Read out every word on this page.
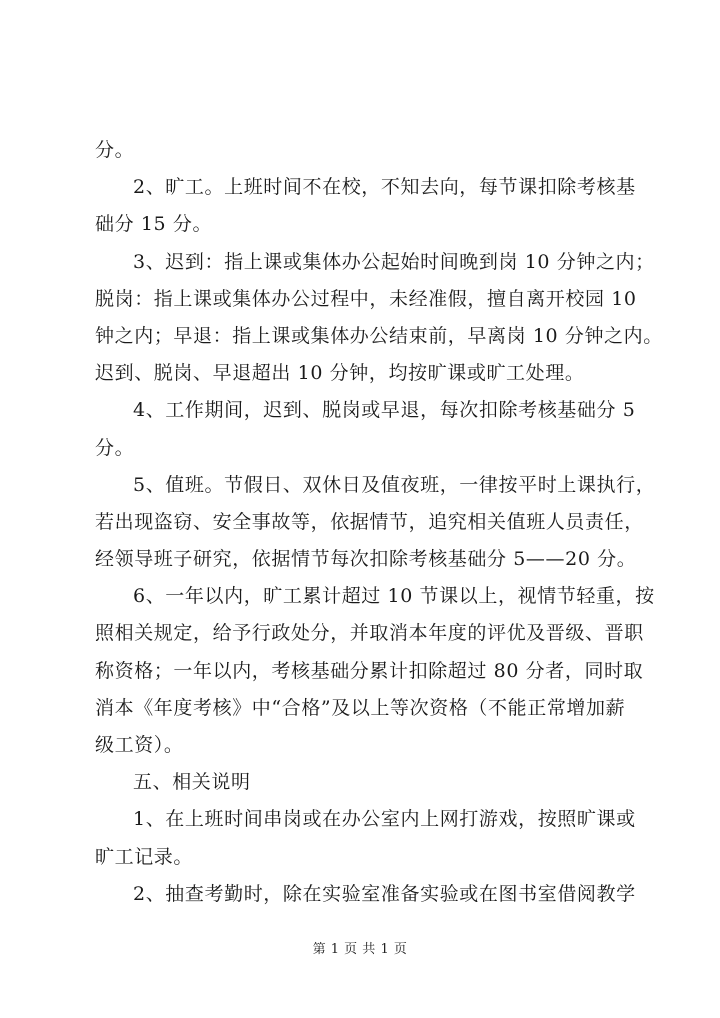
分。
2、旷工。上班时间不在校，不知去向，每节课扣除考核基
础分 15 分。
3、迟到：指上课或集体办公起始时间晚到岗 10 分钟之内；
脱岗：指上课或集体办公过程中，未经准假，擅自离开校园 10
钟之内；早退：指上课或集体办公结束前，早离岗 10 分钟之内。
迟到、脱岗、早退超出 10 分钟，均按旷课或旷工处理。
4、工作期间，迟到、脱岗或早退，每次扣除考核基础分 5
分。
5、值班。节假日、双休日及值夜班，一律按平时上课执行，
若出现盗窃、安全事故等，依据情节，追究相关值班人员责任，
经领导班子研究，依据情节每次扣除考核基础分 5——20 分。
6、一年以内，旷工累计超过 10 节课以上，视情节轻重，按
照相关规定，给予行政处分，并取消本年度的评优及晋级、晋职
称资格；一年以内，考核基础分累计扣除超过 80 分者，同时取
消本《年度考核》中“合格”及以上等次资格（不能正常增加薪
级工资）。
五、相关说明
1、在上班时间串岗或在办公室内上网打游戏，按照旷课或
旷工记录。
2、抽查考勤时，除在实验室准备实验或在图书室借阅教学
第 1 页 共 1 页
